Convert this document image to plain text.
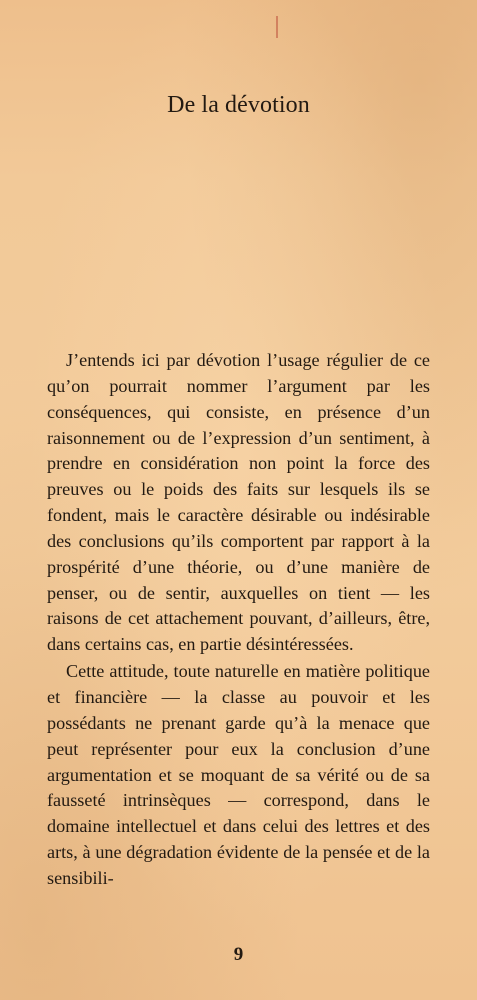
De la dévotion

J’entends ici par dévotion l’usage régulier de ce qu’on pourrait nommer l’argument par les conséquences, qui consiste, en présence d’un raisonnement ou de l’expression d’un sentiment, à prendre en considération non point la force des preuves ou le poids des faits sur lesquels ils se fondent, mais le caractère désirable ou indésirable des conclusions qu’ils comportent par rapport à la prospérité d’une théorie, ou d’une manière de penser, ou de sentir, auxquelles on tient — les raisons de cet attachement pouvant, d’ailleurs, être, dans certains cas, en partie désintéressées.

Cette attitude, toute naturelle en matière politique et financière — la classe au pouvoir et les possédants ne prenant garde qu’à la menace que peut représenter pour eux la conclusion d’une argumentation et se moquant de sa vérité ou de sa fausseté intrinsèques — correspond, dans le domaine intellectuel et dans celui des lettres et des arts, à une dégradation évidente de la pensée et de la sensibili-

9
